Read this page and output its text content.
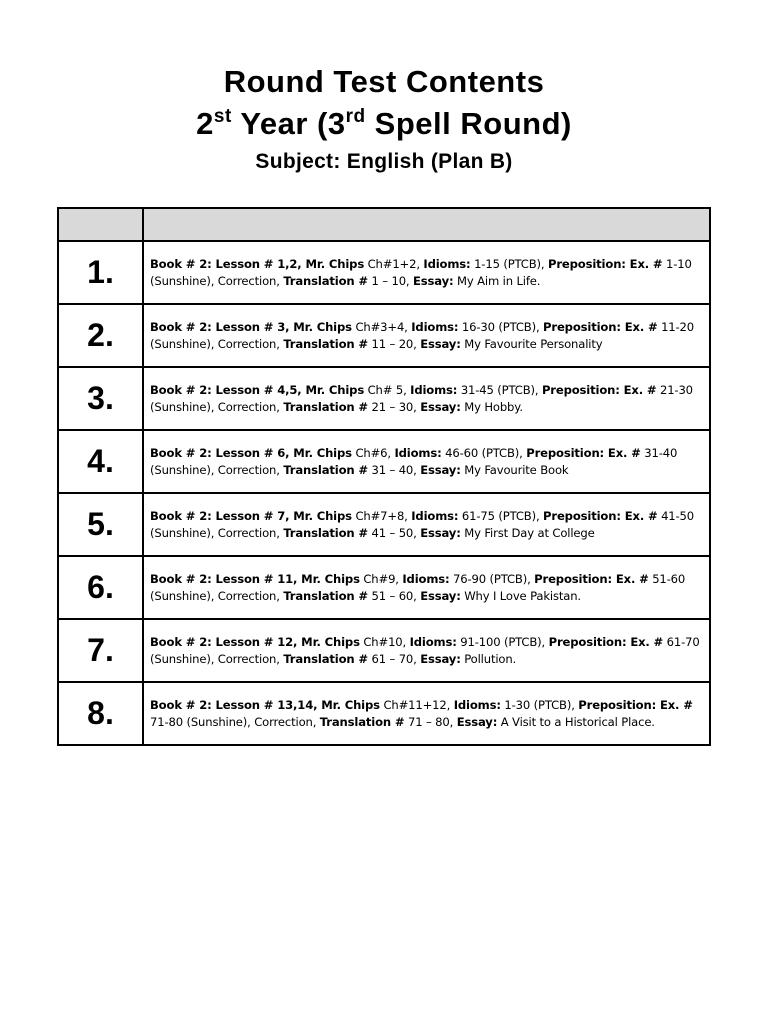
Round Test Contents
2st Year (3rd Spell Round)
Subject: English (Plan B)

1.	Book # 2: Lesson # 1,2, Mr. Chips Ch#1+2, Idioms: 1-15 (PTCB), Preposition: Ex. # 1-10 (Sunshine), Correction, Translation # 1 – 10, Essay: My Aim in Life.
2.	Book # 2: Lesson # 3, Mr. Chips Ch#3+4, Idioms: 16-30 (PTCB), Preposition: Ex. # 11-20 (Sunshine), Correction, Translation # 11 – 20, Essay: My Favourite Personality
3.	Book # 2: Lesson # 4,5, Mr. Chips Ch# 5, Idioms: 31-45 (PTCB), Preposition: Ex. # 21-30 (Sunshine), Correction, Translation # 21 – 30, Essay: My Hobby.
4.	Book # 2: Lesson # 6, Mr. Chips Ch#6, Idioms: 46-60 (PTCB), Preposition: Ex. # 31-40 (Sunshine), Correction, Translation # 31 – 40, Essay: My Favourite Book
5.	Book # 2: Lesson # 7, Mr. Chips Ch#7+8, Idioms: 61-75 (PTCB), Preposition: Ex. # 41-50 (Sunshine), Correction, Translation # 41 – 50, Essay: My First Day at College
6.	Book # 2: Lesson # 11, Mr. Chips Ch#9, Idioms: 76-90 (PTCB), Preposition: Ex. # 51-60 (Sunshine), Correction, Translation # 51 – 60, Essay: Why I Love Pakistan.
7.	Book # 2: Lesson # 12, Mr. Chips Ch#10, Idioms: 91-100 (PTCB), Preposition: Ex. # 61-70 (Sunshine), Correction, Translation # 61 – 70, Essay: Pollution.
8.	Book # 2: Lesson # 13,14, Mr. Chips Ch#11+12, Idioms: 1-30 (PTCB), Preposition: Ex. # 71-80 (Sunshine), Correction, Translation # 71 – 80, Essay: A Visit to a Historical Place.
